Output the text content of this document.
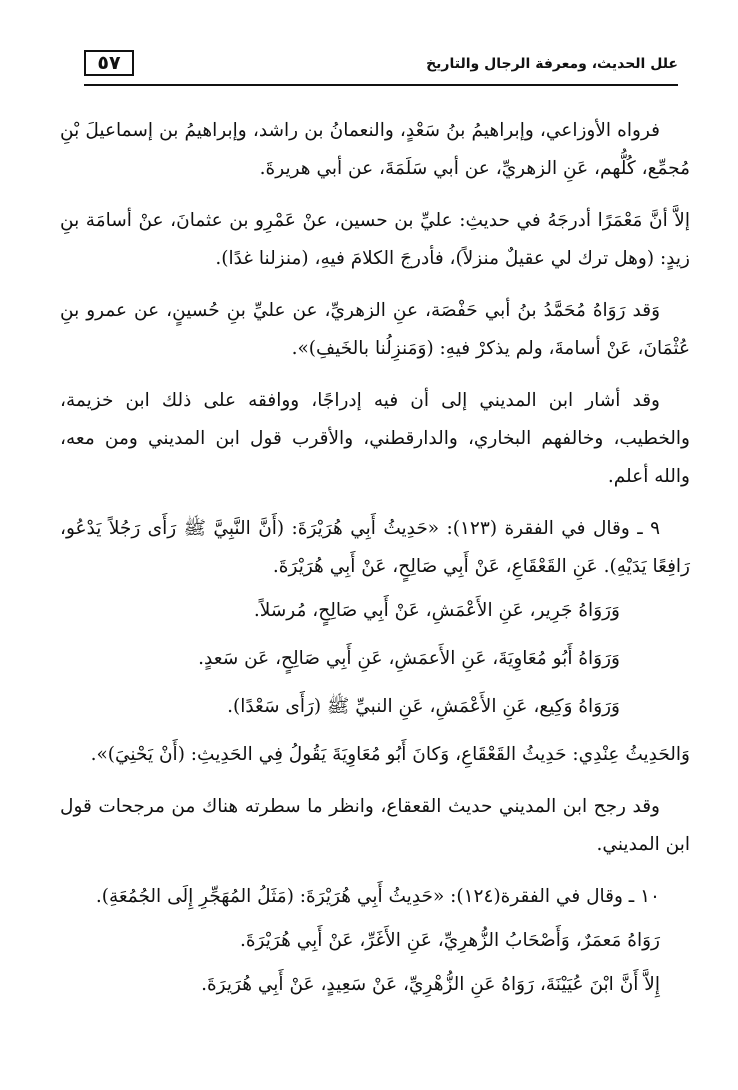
علل الحديث، ومعرفة الرجال والتاريخ
٥٧

فرواه الأوزاعي، وإبراهيمُ بنُ سَعْدٍ، والنعمانُ بن راشد، وإبراهيمُ بن إسماعيلَ بْنِ مُجمِّع، كُلُّهم، عَنِ الزهريِّ، عن أبي سَلَمَةَ، عن أبي هريرةَ.

إلاَّ أنَّ مَعْمَرًا أدرجَهُ في حديثِ: عليِّ بن حسين، عنْ عَمْرِو بن عثمانَ، عنْ أسامَة بنِ زيدٍ: (وهل ترك لي عقيلٌ منزلاً)، فأدرجَ الكلامَ فيهِ، (منزلنا غدًا).

وَقد رَوَاهُ مُحَمَّدُ بنُ أبي حَفْصَة، عنِ الزهريِّ، عن عليِّ بنِ حُسينٍ، عن عمرو بنِ عُثْمَانَ، عَنْ أسامةَ، ولم يذكرْ فيهِ: (وَمَنزِلُنا بالخَيفِ)».

وقد أشار ابن المديني إلى أن فيه إدراجًا، ووافقه على ذلك ابن خزيمة، والخطيب، وخالفهم البخاري، والدارقطني، والأقرب قول ابن المديني ومن معه، والله أعلم.

٩ ـ وقال في الفقرة (١٢٣): «حَدِيثُ أَبِي هُرَيْرَةَ: (أَنَّ النَّبِيَّ ﷺ رَأَى رَجُلاً يَدْعُو، رَافِعًا يَدَيْهِ). عَنِ القَعْقَاعِ، عَنْ أَبِي صَالِحٍ، عَنْ أَبِي هُرَيْرَةَ.

وَرَوَاهُ جَرِير، عَنِ الأَعْمَشِ، عَنْ أَبِي صَالِحٍ، مُرسَلاً.

وَرَوَاهُ أَبُو مُعَاوِيَةَ، عَنِ الأَعمَشِ، عَنِ أَبِي صَالِحٍ، عَن سَعدٍ.

وَرَوَاهُ وَكِيع، عَنِ الأَعْمَشِ، عَنِ النبيِّ ﷺ (رَأَى سَعْدًا).

وَالحَدِيثُ عِنْدِي: حَدِيثُ القَعْقَاعِ، وَكانَ أَبُو مُعَاوِيَةَ يَقُولُ فِي الحَدِيثِ: (أَنْ يَحْنِيَ)».

وقد رجح ابن المديني حديث القعقاع، وانظر ما سطرته هناك من مرجحات قول ابن المديني.

١٠ ـ وقال في الفقرة(١٢٤): «حَدِيثُ أَبِي هُرَيْرَةَ: (مَثَلُ المُهَجِّرِ إِلَى الجُمُعَةِ).

رَوَاهُ مَعمَرٌ، وَأَصْحَابُ الزُّهرِيِّ، عَنِ الأَغَرِّ، عَنْ أَبِي هُرَيْرَةَ.

إِلاَّ أَنَّ ابْنَ عُيَيْنَةَ، رَوَاهُ عَنِ الزُّهْرِيِّ، عَنْ سَعِيدٍ، عَنْ أَبِي هُرَيرَةَ.
